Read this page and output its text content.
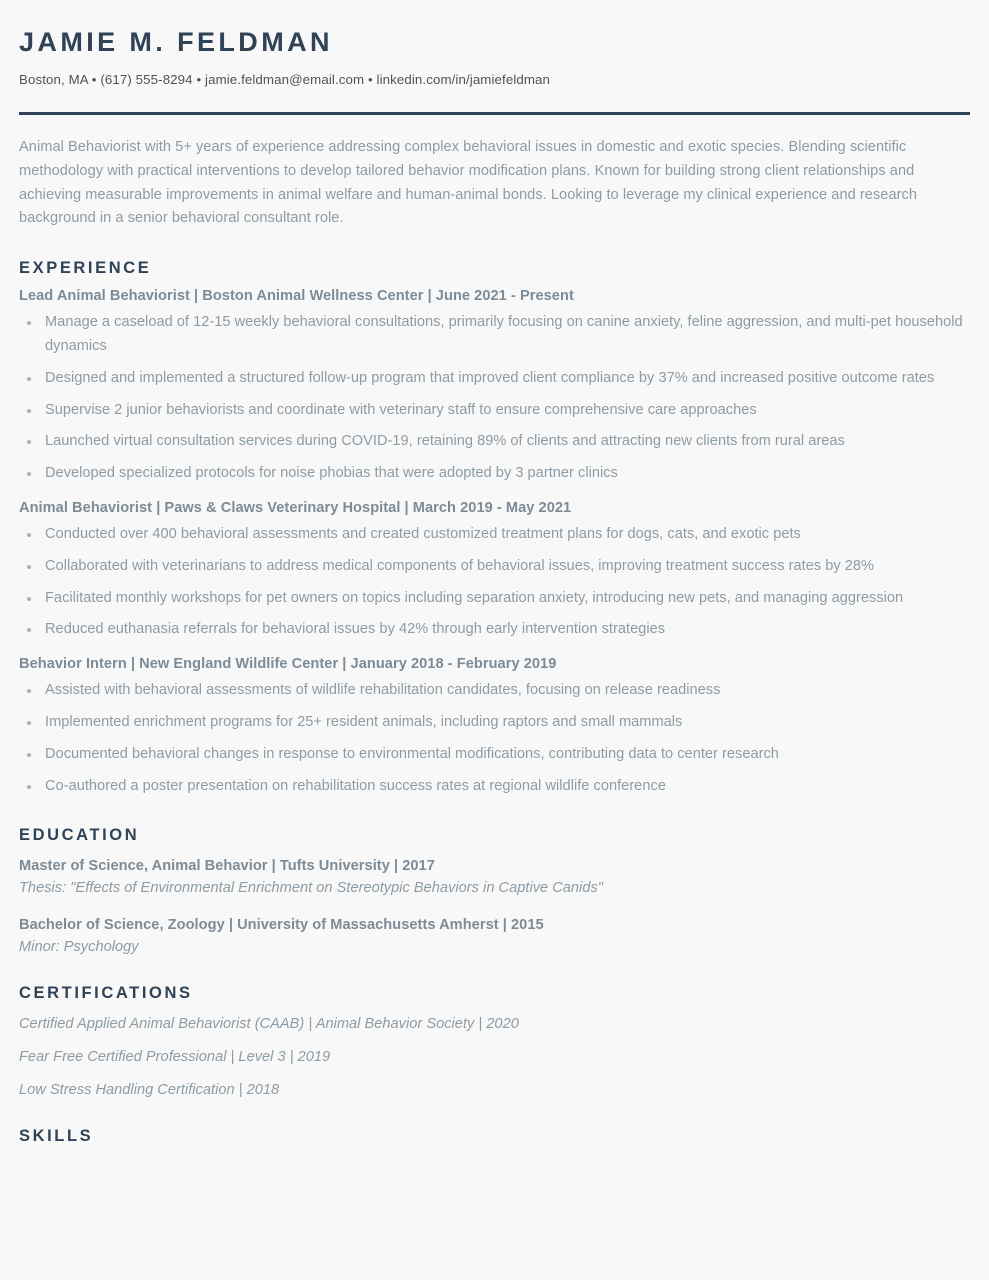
JAMIE M. FELDMAN
Boston, MA • (617) 555-8294 • jamie.feldman@email.com • linkedin.com/in/jamiefeldman

Animal Behaviorist with 5+ years of experience addressing complex behavioral issues in domestic and exotic species. Blending scientific methodology with practical interventions to develop tailored behavior modification plans. Known for building strong client relationships and achieving measurable improvements in animal welfare and human-animal bonds. Looking to leverage my clinical experience and research background in a senior behavioral consultant role.

EXPERIENCE
Lead Animal Behaviorist | Boston Animal Wellness Center | June 2021 - Present
Manage a caseload of 12-15 weekly behavioral consultations, primarily focusing on canine anxiety, feline aggression, and multi-pet household dynamics
Designed and implemented a structured follow-up program that improved client compliance by 37% and increased positive outcome rates
Supervise 2 junior behaviorists and coordinate with veterinary staff to ensure comprehensive care approaches
Launched virtual consultation services during COVID-19, retaining 89% of clients and attracting new clients from rural areas
Developed specialized protocols for noise phobias that were adopted by 3 partner clinics
Animal Behaviorist | Paws & Claws Veterinary Hospital | March 2019 - May 2021
Conducted over 400 behavioral assessments and created customized treatment plans for dogs, cats, and exotic pets
Collaborated with veterinarians to address medical components of behavioral issues, improving treatment success rates by 28%
Facilitated monthly workshops for pet owners on topics including separation anxiety, introducing new pets, and managing aggression
Reduced euthanasia referrals for behavioral issues by 42% through early intervention strategies
Behavior Intern | New England Wildlife Center | January 2018 - February 2019
Assisted with behavioral assessments of wildlife rehabilitation candidates, focusing on release readiness
Implemented enrichment programs for 25+ resident animals, including raptors and small mammals
Documented behavioral changes in response to environmental modifications, contributing data to center research
Co-authored a poster presentation on rehabilitation success rates at regional wildlife conference
EDUCATION
Master of Science, Animal Behavior | Tufts University | 2017
Thesis: "Effects of Environmental Enrichment on Stereotypic Behaviors in Captive Canids"
Bachelor of Science, Zoology | University of Massachusetts Amherst | 2015
Minor: Psychology
CERTIFICATIONS
Certified Applied Animal Behaviorist (CAAB) | Animal Behavior Society | 2020
Fear Free Certified Professional | Level 3 | 2019
Low Stress Handling Certification | 2018
SKILLS
